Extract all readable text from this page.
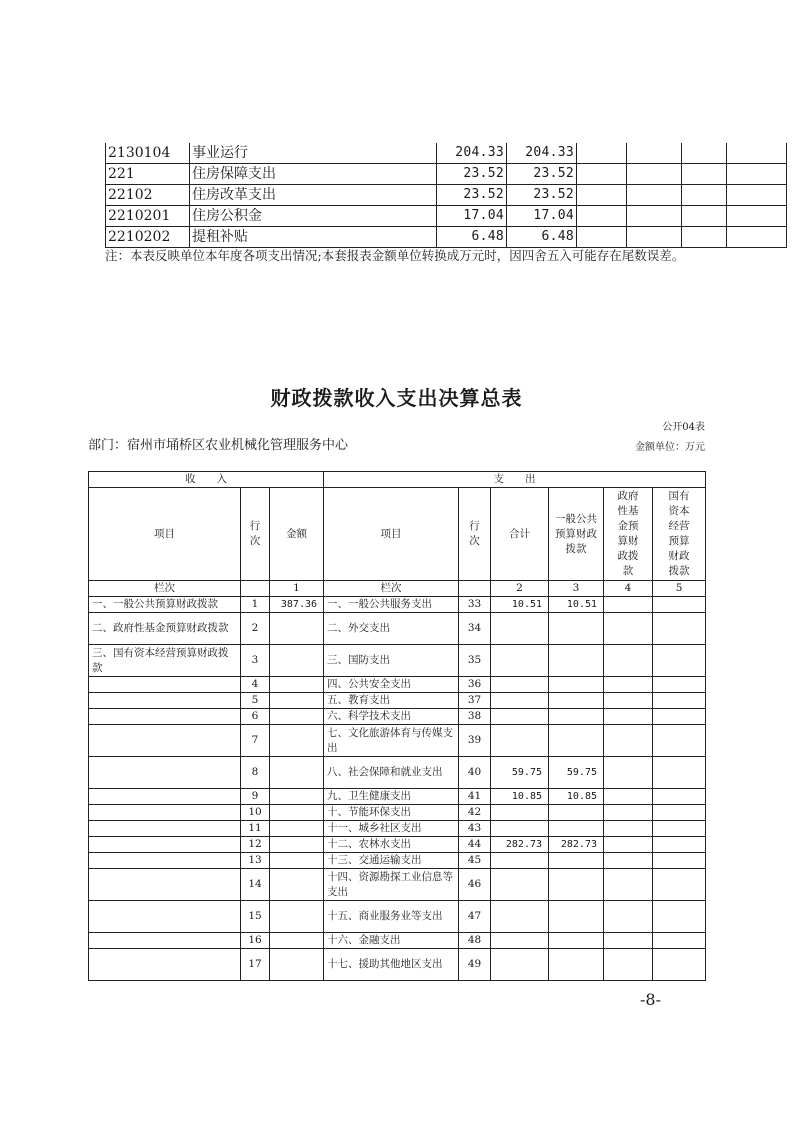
2130104	事业运行	204.33	204.33				
221	住房保障支出	23.52	23.52				
22102	住房改革支出	23.52	23.52				
2210201	住房公积金	17.04	17.04				
2210202	提租补贴	6.48	6.48				
注：本表反映单位本年度各项支出情况;本套报表金额单位转换成万元时，因四舍五入可能存在尾数误差。
财政拨款收入支出决算总表
公开04表
部门：宿州市埇桥区农业机械化管理服务中心	金额单位：万元
收　　入			支　　出					
项目	行次	金额	项目	行次	合计	一般公共预算财政拨款	政府性基金预算财政拨款	国有资本经营预算财政拨款
栏次		1	栏次		2	3	4	5
一、一般公共预算财政拨款	1	387.36	一、一般公共服务支出	33	10.51	10.51		
二、政府性基金预算财政拨款	2		二、外交支出	34				
三、国有资本经营预算财政拨款	3		三、国防支出	35				
	4		四、公共安全支出	36				
	5		五、教育支出	37				
	6		六、科学技术支出	38				
	7		七、文化旅游体育与传媒支出	39				
	8		八、社会保障和就业支出	40	59.75	59.75		
	9		九、卫生健康支出	41	10.85	10.85		
	10		十、节能环保支出	42				
	11		十一、城乡社区支出	43				
	12		十二、农林水支出	44	282.73	282.73		
	13		十三、交通运输支出	45				
	14		十四、资源勘探工业信息等支出	46				
	15		十五、商业服务业等支出	47				
	16		十六、金融支出	48				
	17		十七、援助其他地区支出	49				
-8-
